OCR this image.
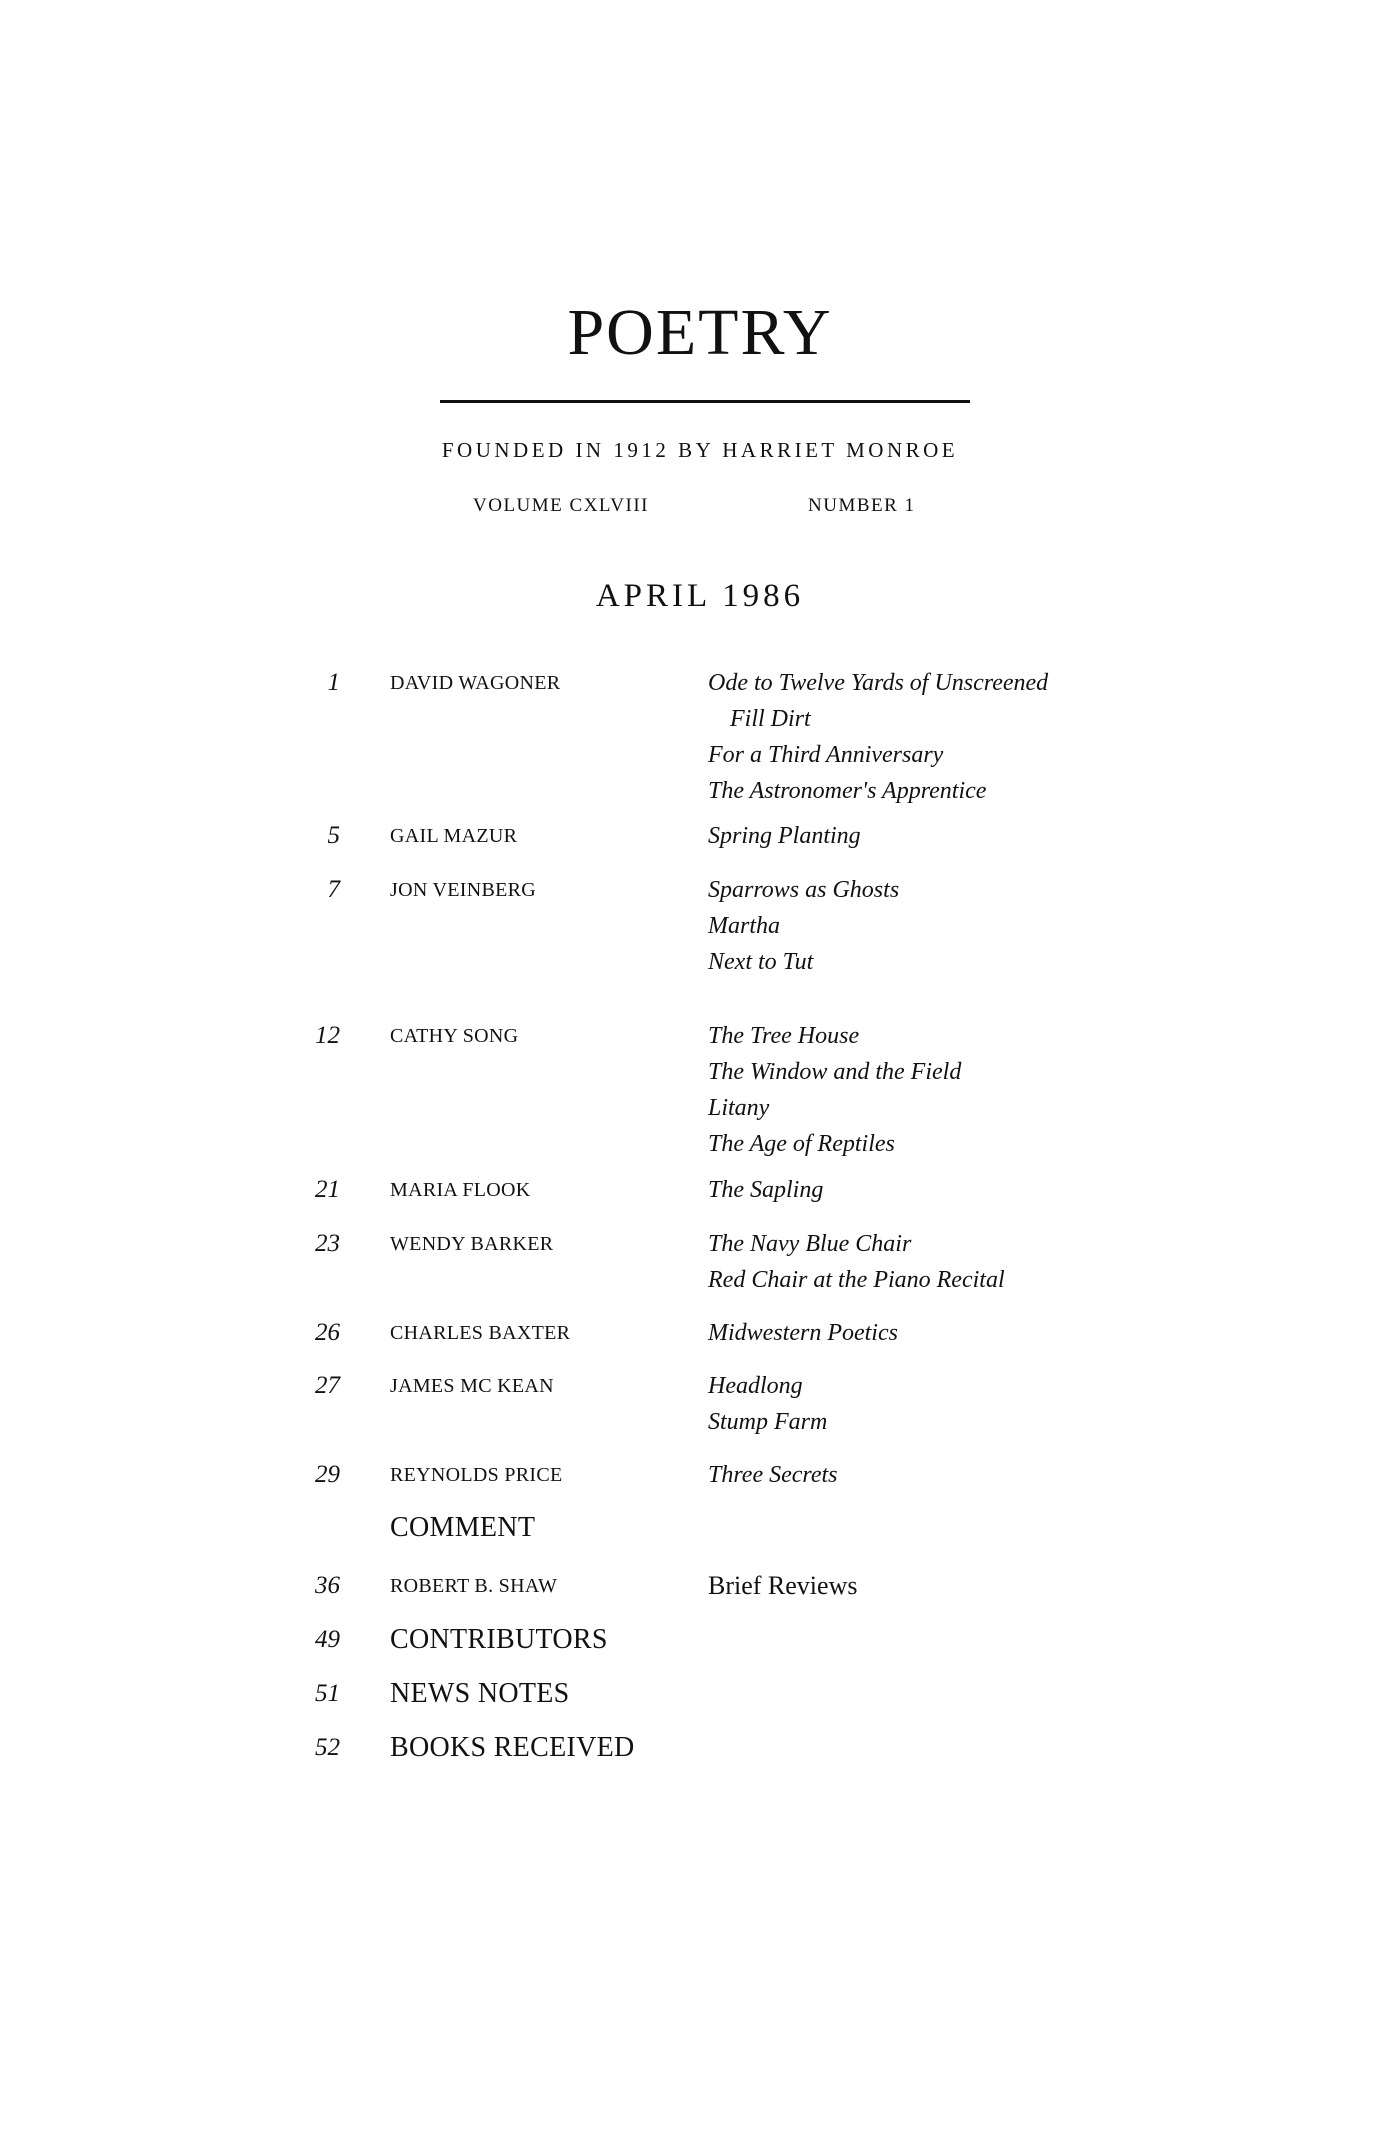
POETRY
FOUNDED IN 1912 BY HARRIET MONROE
VOLUME CXLVIII	NUMBER 1
APRIL 1986
1	DAVID WAGONER	Ode to Twelve Yards of Unscreened
Fill Dirt
For a Third Anniversary
The Astronomer's Apprentice
5	GAIL MAZUR	Spring Planting
7	JON VEINBERG	Sparrows as Ghosts
Martha
Next to Tut
12	CATHY SONG	The Tree House
The Window and the Field
Litany
The Age of Reptiles
21	MARIA FLOOK	The Sapling
23	WENDY BARKER	The Navy Blue Chair
Red Chair at the Piano Recital
26	CHARLES BAXTER	Midwestern Poetics
27	JAMES MC KEAN	Headlong
Stump Farm
29	REYNOLDS PRICE	Three Secrets
COMMENT
36	ROBERT B. SHAW	Brief Reviews
49 CONTRIBUTORS
51 NEWS NOTES
52 BOOKS RECEIVED
